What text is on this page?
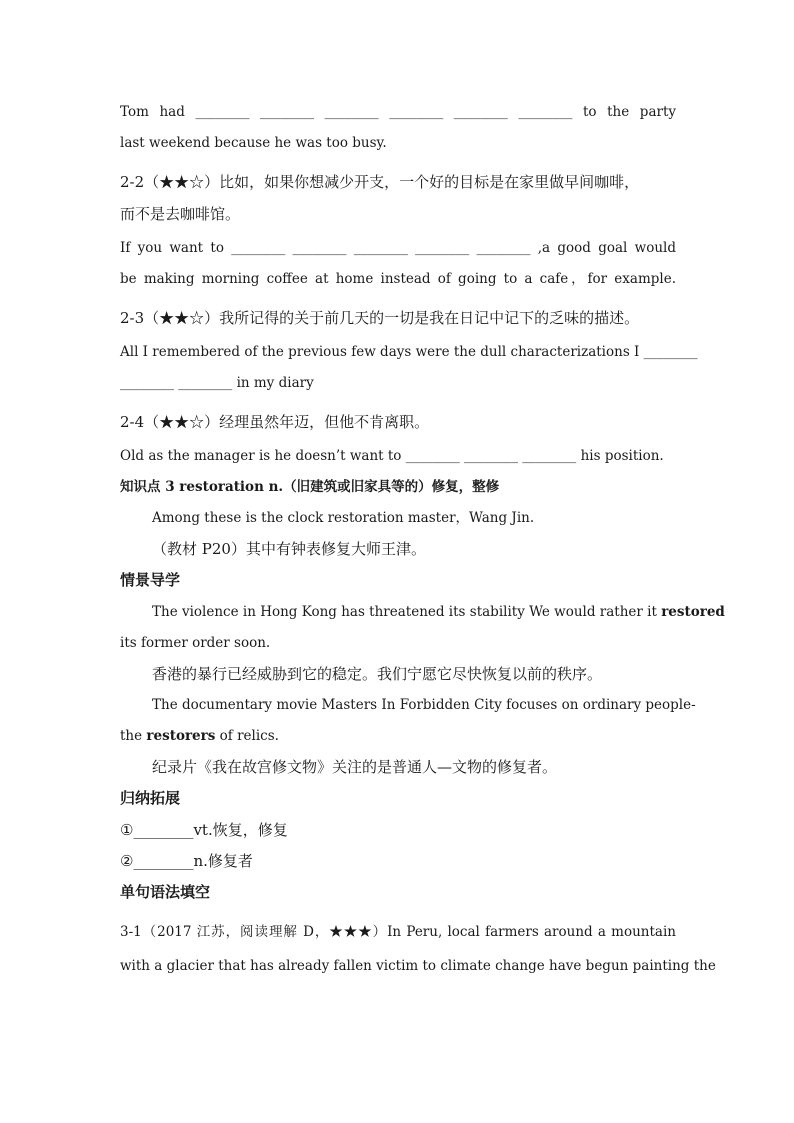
Tom had ________ ________ ________ ________ ________ ________ to the party
last weekend because he was too busy.
2-2（★★☆）比如，如果你想减少开支，一个好的目标是在家里做早间咖啡，
而不是去咖啡馆。
If you want to ________ ________ ________ ________ ________ ,a good goal would
be making morning coffee at home instead of going to a cafe，for example.
2-3（★★☆）我所记得的关于前几天的一切是我在日记中记下的乏味的描述。
All I remembered of the previous few days were the dull characterizations I ________
________ ________ in my diary
2-4（★★☆）经理虽然年迈，但他不肯离职。
Old as the manager is he doesn’t want to ________ ________ ________ his position.
知识点 3 restoration n.（旧建筑或旧家具等的）修复，整修
Among these is the clock restoration master，Wang Jin.
（教材 P20）其中有钟表修复大师王津。
情景导学
The violence in Hong Kong has threatened its stability We would rather it restored
its former order soon.
香港的暴行已经威胁到它的稳定。我们宁愿它尽快恢复以前的秩序。
The documentary movie Masters In Forbidden City focuses on ordinary people-
the restorers of relics.
纪录片《我在故宫修文物》关注的是普通人—文物的修复者。
归纳拓展
①________vt.恢复，修复
②________n.修复者
单句语法填空
3-1（2017 江苏，阅读理解 D，★★★）In Peru, local farmers around a mountain
with a glacier that has already fallen victim to climate change have begun painting the
